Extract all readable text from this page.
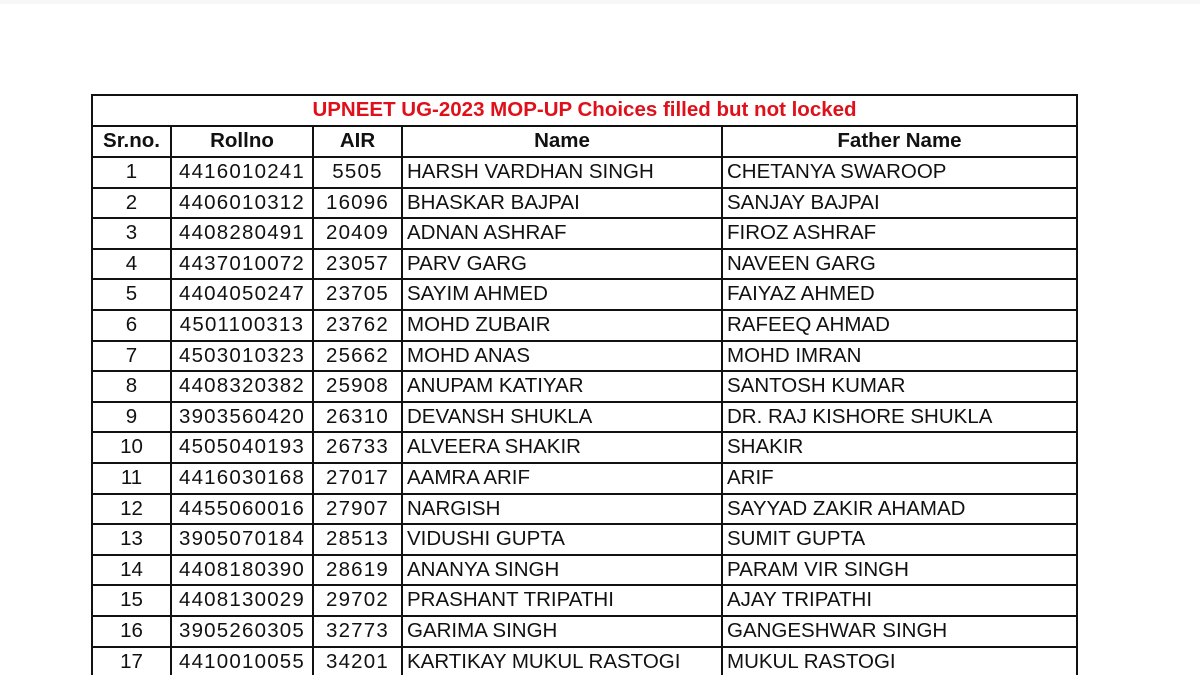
UPNEET UG-2023 MOP-UP Choices filled but not locked				
Sr.no.	Rollno	AIR	Name	Father Name
1	4416010241	5505	HARSH VARDHAN SINGH	CHETANYA SWAROOP
2	4406010312	16096	BHASKAR BAJPAI	SANJAY BAJPAI
3	4408280491	20409	ADNAN ASHRAF	FIROZ ASHRAF
4	4437010072	23057	PARV GARG	NAVEEN GARG
5	4404050247	23705	SAYIM AHMED	FAIYAZ AHMED
6	4501100313	23762	MOHD ZUBAIR	RAFEEQ AHMAD
7	4503010323	25662	MOHD ANAS	MOHD IMRAN
8	4408320382	25908	ANUPAM KATIYAR	SANTOSH KUMAR
9	3903560420	26310	DEVANSH SHUKLA	DR. RAJ KISHORE SHUKLA
10	4505040193	26733	ALVEERA SHAKIR	SHAKIR
11	4416030168	27017	AAMRA ARIF	ARIF
12	4455060016	27907	NARGISH	SAYYAD ZAKIR AHAMAD
13	3905070184	28513	VIDUSHI GUPTA	SUMIT GUPTA
14	4408180390	28619	ANANYA SINGH	PARAM VIR SINGH
15	4408130029	29702	PRASHANT TRIPATHI	AJAY TRIPATHI
16	3905260305	32773	GARIMA SINGH	GANGESHWAR SINGH
17	4410010055	34201	KARTIKAY MUKUL RASTOGI	MUKUL RASTOGI
